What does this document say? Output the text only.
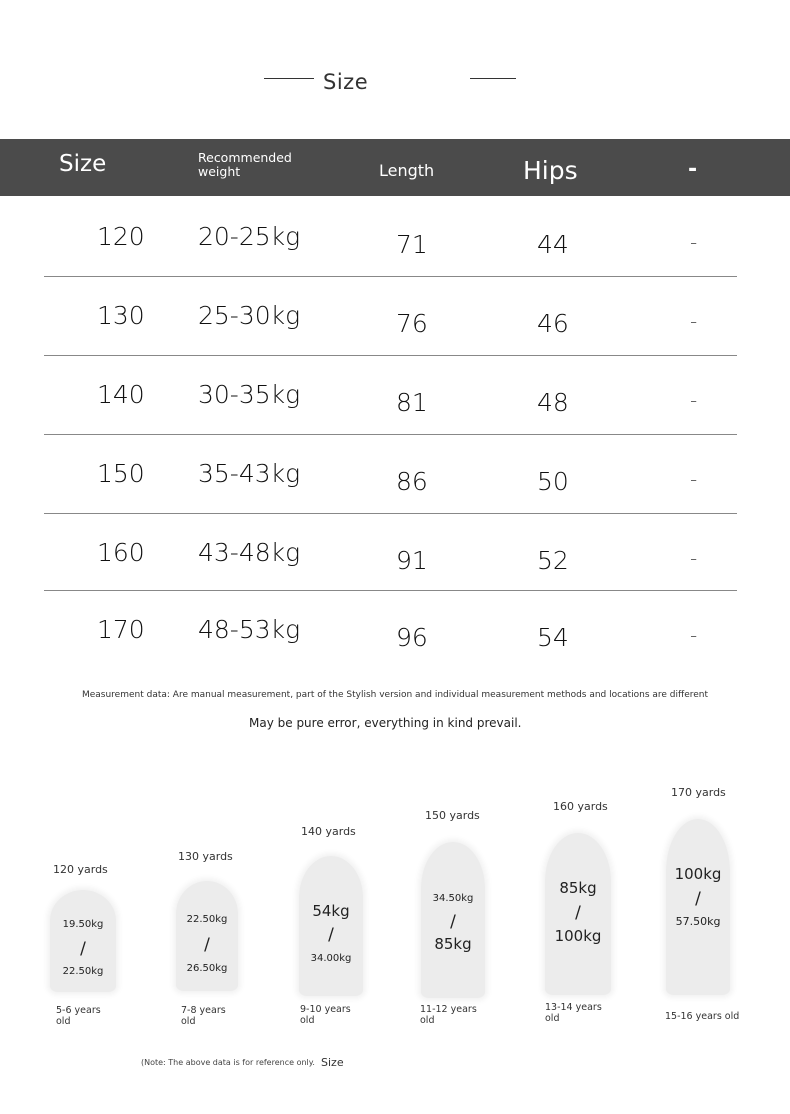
Size
Size	Recommended weight	Length	Hips	-
120 20-25kg	71	44	-
130 25-30kg	76	46	-
140 30-35kg	81	48	-
150 35-43kg	86	50	-
160 43-48kg	91	52	-
170 48-53kg	96	54	-
Measurement data: Are manual measurement, part of the Stylish version and individual measurement methods and locations are different
May be pure error, everything in kind prevail.
120 yards
19.50kg
/
22.50kg
5-6 years old
130 yards
22.50kg
/
26.50kg
7-8 years old
140 yards
54kg
/
34.00kg
9-10 years old
150 yards
34.50kg
/
85kg
11-12 years old
160 yards
85kg
/
100kg
13-14 years old
170 yards
100kg
/
57.50kg
15-16 years old
(Note: The above data is for reference only. Size
